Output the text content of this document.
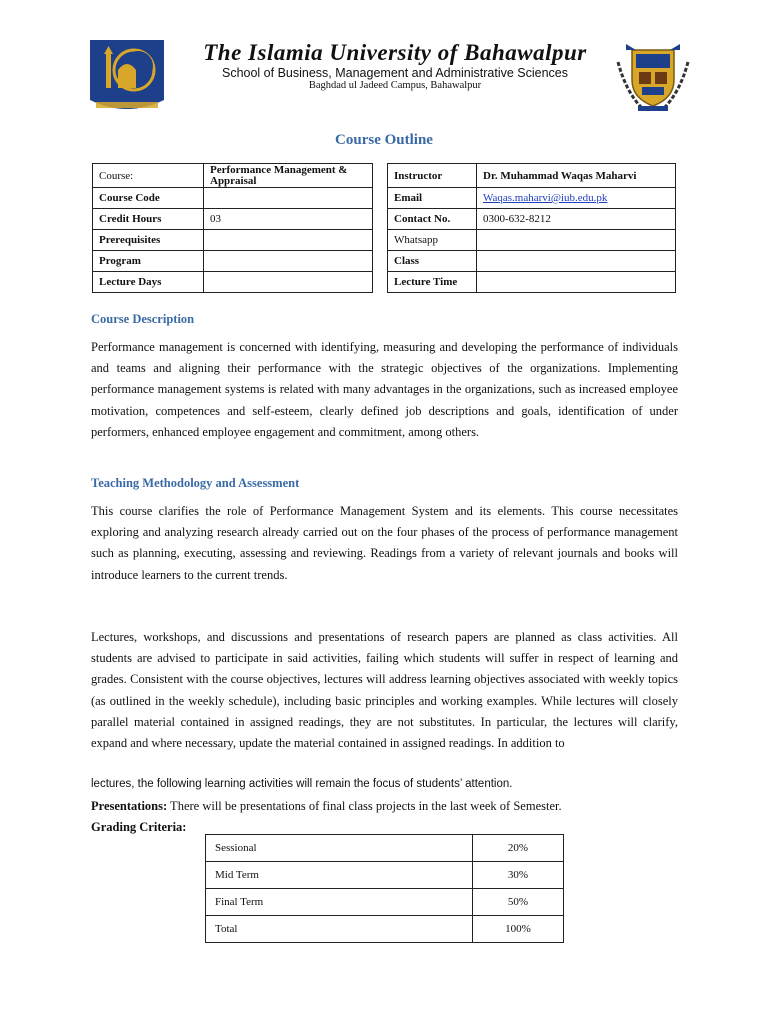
The Islamia University of Bahawalpur
School of Business, Management and Administrative Sciences
Baghdad ul Jadeed Campus, Bahawalpur
Course Outline
Course:	Performance Management & Appraisal		Instructor	Dr. Muhammad Waqas Maharvi
Course Code			Email	Waqas.maharvi@iub.edu.pk
Credit Hours	03		Contact No.	0300-632-8212
Prerequisites			Whatsapp	
Program			Class	
Lecture Days			Lecture Time	
Course Description
Performance management is concerned with identifying, measuring and developing the performance of individuals and teams and aligning their performance with the strategic objectives of the organizations. Implementing performance management systems is related with many advantages in the organizations, such as increased employee motivation, competences and self-esteem, clearly defined job descriptions and goals, identification of under performers, enhanced employee engagement and commitment, among others.
Teaching Methodology and Assessment
This course clarifies the role of Performance Management System and its elements. This course necessitates exploring and analyzing research already carried out on the four phases of the process of performance management such as planning, executing, assessing and reviewing. Readings from a variety of relevant journals and books will introduce learners to the current trends.
Lectures, workshops, and discussions and presentations of research papers are planned as class activities. All students are advised to participate in said activities, failing which students will suffer in respect of learning and grades. Consistent with the course objectives, lectures will address learning objectives associated with weekly topics (as outlined in the weekly schedule), including basic principles and working examples. While lectures will closely parallel material contained in assigned readings, they are not substitutes. In particular, the lectures will clarify, expand and where necessary, update the material contained in assigned readings. In addition to
lectures, the following learning activities will remain the focus of students’ attention.
Presentations: There will be presentations of final class projects in the last week of Semester.
Grading Criteria:
Sessional	20%
Mid Term	30%
Final Term	50%
Total	100%
